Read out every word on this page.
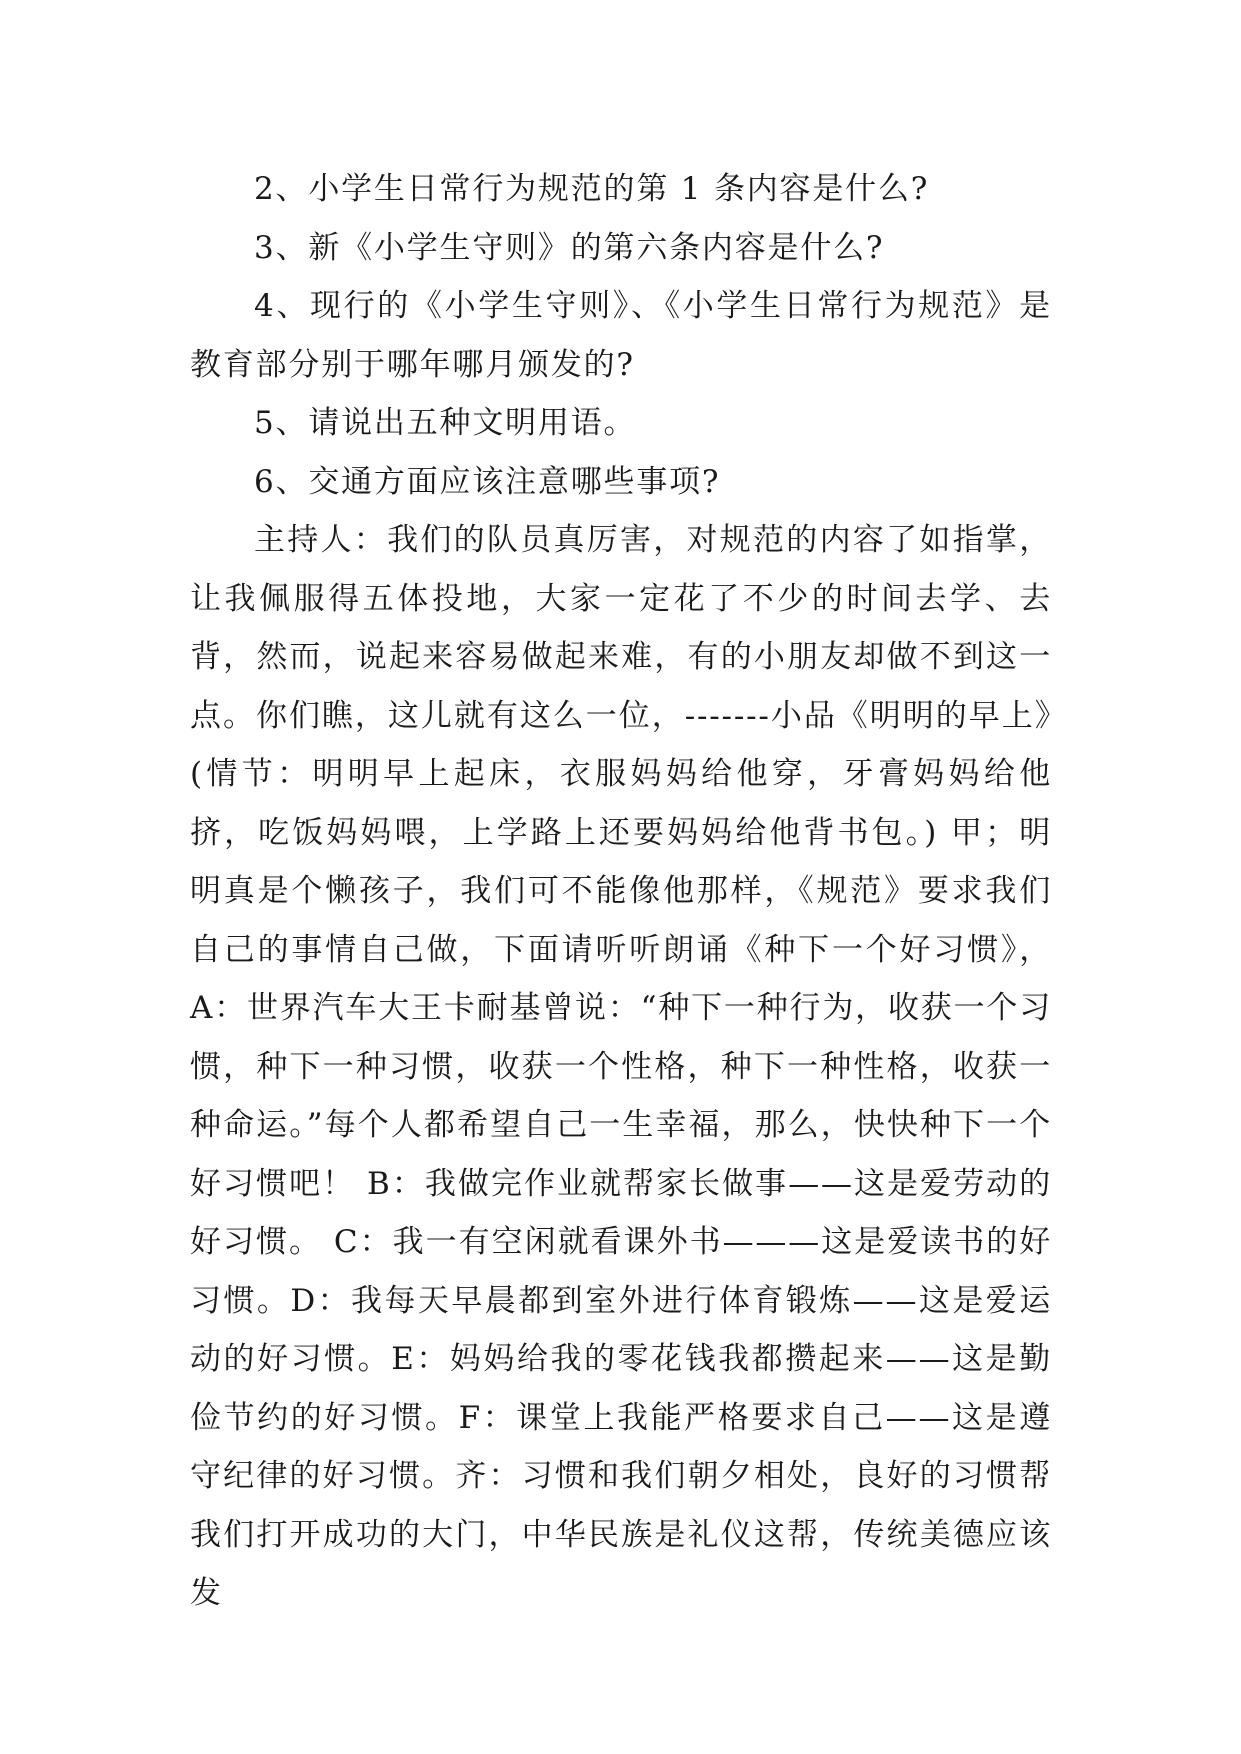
2、小学生日常行为规范的第 1 条内容是什么?

3、新《小学生守则》的第六条内容是什么?

4、现行的《小学生守则》、《小学生日常行为规范》是教育部分别于哪年哪月颁发的?

5、请说出五种文明用语。

6、交通方面应该注意哪些事项?

主持人：我们的队员真厉害，对规范的内容了如指掌，让我佩服得五体投地，大家一定花了不少的时间去学、去背，然而，说起来容易做起来难，有的小朋友却做不到这一点。你们瞧，这儿就有这么一位，-------小品《明明的早上》(情节：明明早上起床，衣服妈妈给他穿，牙膏妈妈给他挤，吃饭妈妈喂，上学路上还要妈妈给他背书包。) 甲；明明真是个懒孩子，我们可不能像他那样，《规范》要求我们自己的事情自己做，下面请听听朗诵《种下一个好习惯》，A：世界汽车大王卡耐基曾说：“种下一种行为，收获一个习惯，种下一种习惯，收获一个性格，种下一种性格，收获一种命运。”每个人都希望自己一生幸福，那么，快快种下一个好习惯吧！ B：我做完作业就帮家长做事——这是爱劳动的好习惯。 C：我一有空闲就看课外书———这是爱读书的好习惯。D：我每天早晨都到室外进行体育锻炼——这是爱运动的好习惯。E：妈妈给我的零花钱我都攒起来——这是勤俭节约的好习惯。F：课堂上我能严格要求自己——这是遵守纪律的好习惯。齐：习惯和我们朝夕相处，良好的习惯帮我们打开成功的大门，中华民族是礼仪这帮，传统美德应该发
